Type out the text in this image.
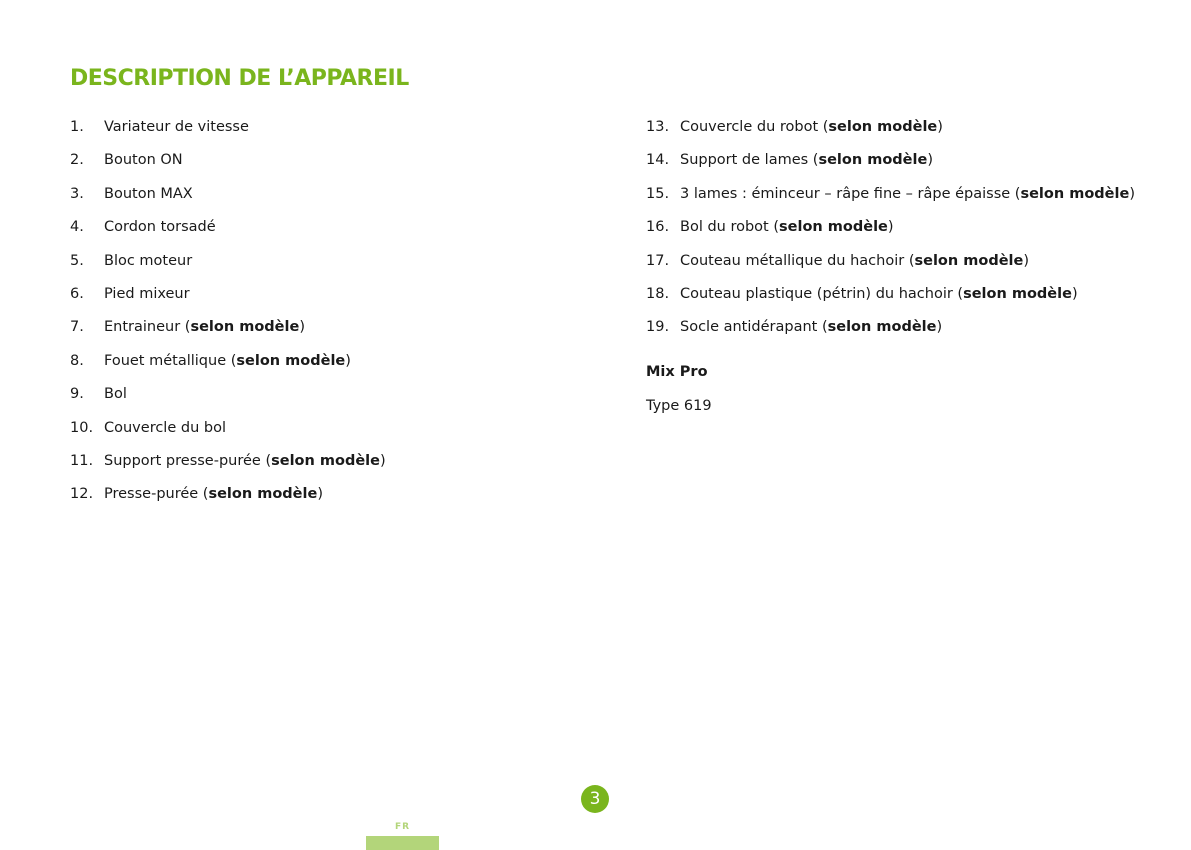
DESCRIPTION DE L’APPAREIL
1.	Variateur de vitesse
2.	Bouton ON
3.	Bouton MAX
4.	Cordon torsadé
5.	Bloc moteur
6.	Pied mixeur
7.	Entraineur (selon modèle)
8.	Fouet métallique (selon modèle)
9.	Bol
10. Couvercle du bol
11. Support presse-purée (selon modèle)
12. Presse-purée (selon modèle)
13. Couvercle du robot (selon modèle)
14. Support de lames (selon modèle)
15. 3 lames : éminceur – râpe fine – râpe épaisse (selon modèle)
16. Bol du robot (selon modèle)
17. Couteau métallique du hachoir (selon modèle)
18. Couteau plastique (pétrin) du hachoir (selon modèle)
19. Socle antidérapant (selon modèle)

Mix Pro

Type 619

3
FR
